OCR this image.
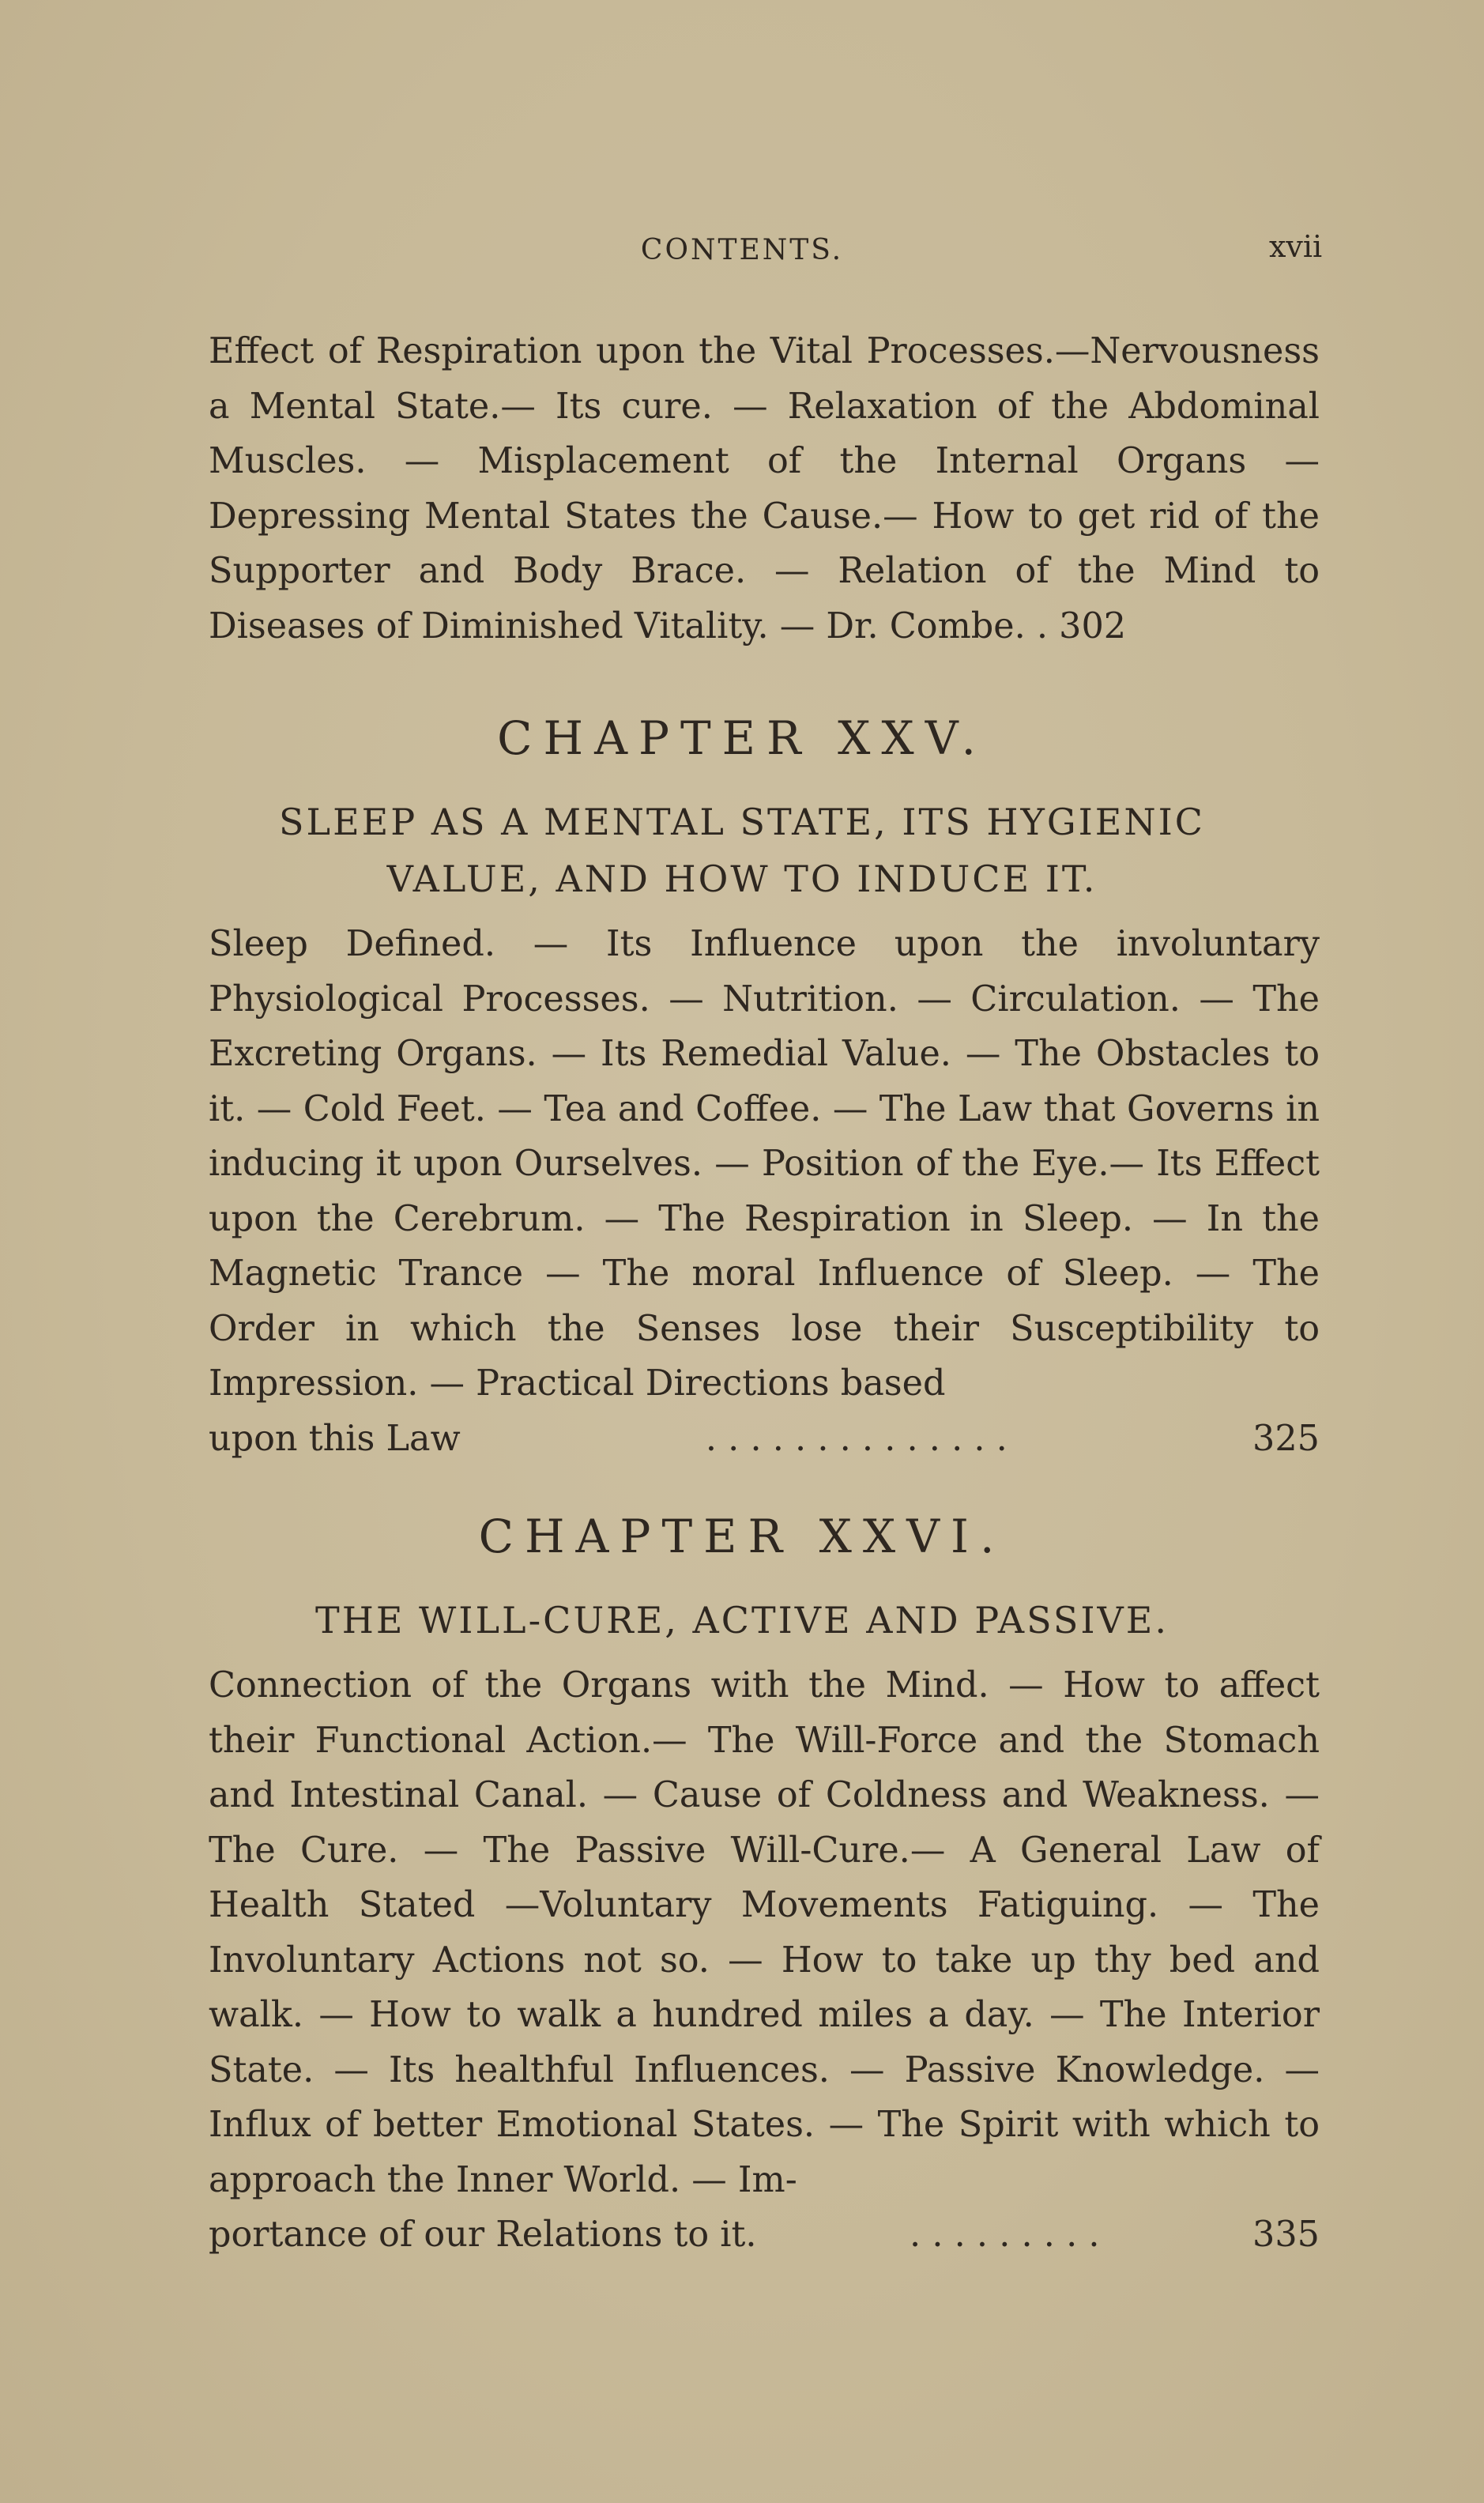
CONTENTS.	xvii
Effect of Respiration upon the Vital Processes.—Nervousness a Mental State.— Its cure. — Relaxation of the Abdominal Muscles. — Misplacement of the Internal Organs — Depressing Mental States the Cause.— How to get rid of the Supporter and Body Brace. — Relation of the Mind to Diseases of Diminished Vitality. — Dr. Combe. . 302
CHAPTER XXV.
SLEEP AS A MENTAL STATE, ITS HYGIENIC
VALUE, AND HOW TO INDUCE IT.
Sleep Defined. — Its Influence upon the involuntary Physiological Processes. — Nutrition. — Circulation. — The Excreting Organs. — Its Remedial Value. — The Obstacles to it. — Cold Feet. — Tea and Coffee. — The Law that Governs in inducing it upon Ourselves. — Position of the Eye.— Its Effect upon the Cerebrum. — The Respiration in Sleep. — In the Magnetic Trance — The moral Influence of Sleep. — The Order in which the Senses lose their Susceptibility to Impression. — Practical Directions based
upon this Law	. . . . . . . . . . . . . .	325
CHAPTER XXVI.
THE WILL-CURE, ACTIVE AND PASSIVE.
Connection of the Organs with the Mind. — How to affect their Functional Action.— The Will-Force and the Stomach and Intestinal Canal. — Cause of Coldness and Weakness. — The Cure. — The Passive Will-Cure.— A General Law of Health Stated —Voluntary Movements Fatiguing. — The Involuntary Actions not so. — How to take up thy bed and walk. — How to walk a hundred miles a day. — The Interior State. — Its healthful Influences. — Passive Knowledge. — Influx of better Emotional States. — The Spirit with which to approach the Inner World. — Im-
portance of our Relations to it.	. . . . . . . . .	335
